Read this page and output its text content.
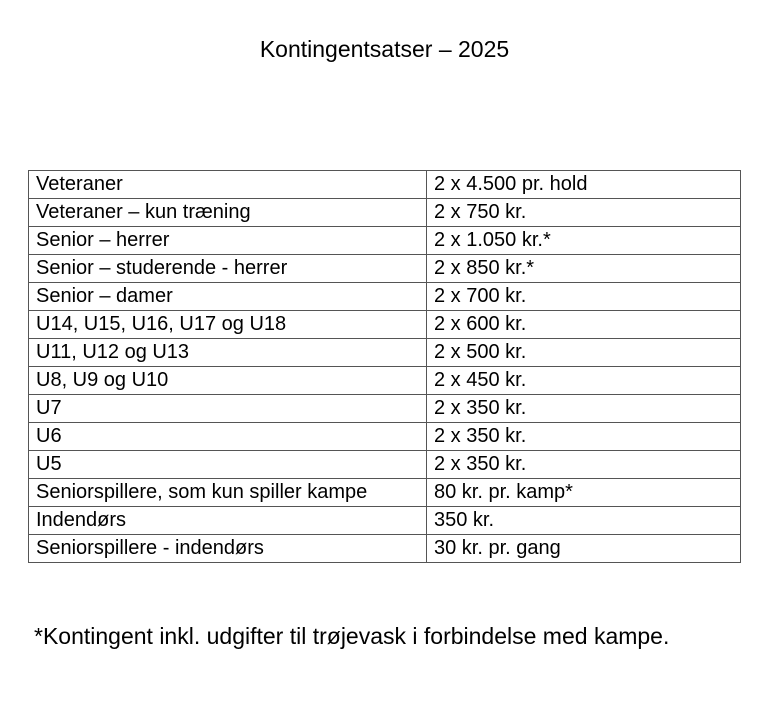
Kontingentsatser – 2025
Veteraner	2 x 4.500 pr. hold
Veteraner – kun træning	2 x 750 kr.
Senior – herrer	2 x 1.050 kr.*
Senior – studerende - herrer	2 x 850 kr.*
Senior – damer	2 x 700 kr.
U14, U15, U16, U17 og U18	2 x 600 kr.
U11, U12 og U13	2 x 500 kr.
U8, U9 og U10	2 x 450 kr.
U7	2 x 350 kr.
U6	2 x 350 kr.
U5	2 x 350 kr.
Seniorspillere, som kun spiller kampe	80 kr. pr. kamp*
Indendørs	350 kr.
Seniorspillere - indendørs	30 kr. pr. gang
*Kontingent inkl. udgifter til trøjevask i forbindelse med kampe.
